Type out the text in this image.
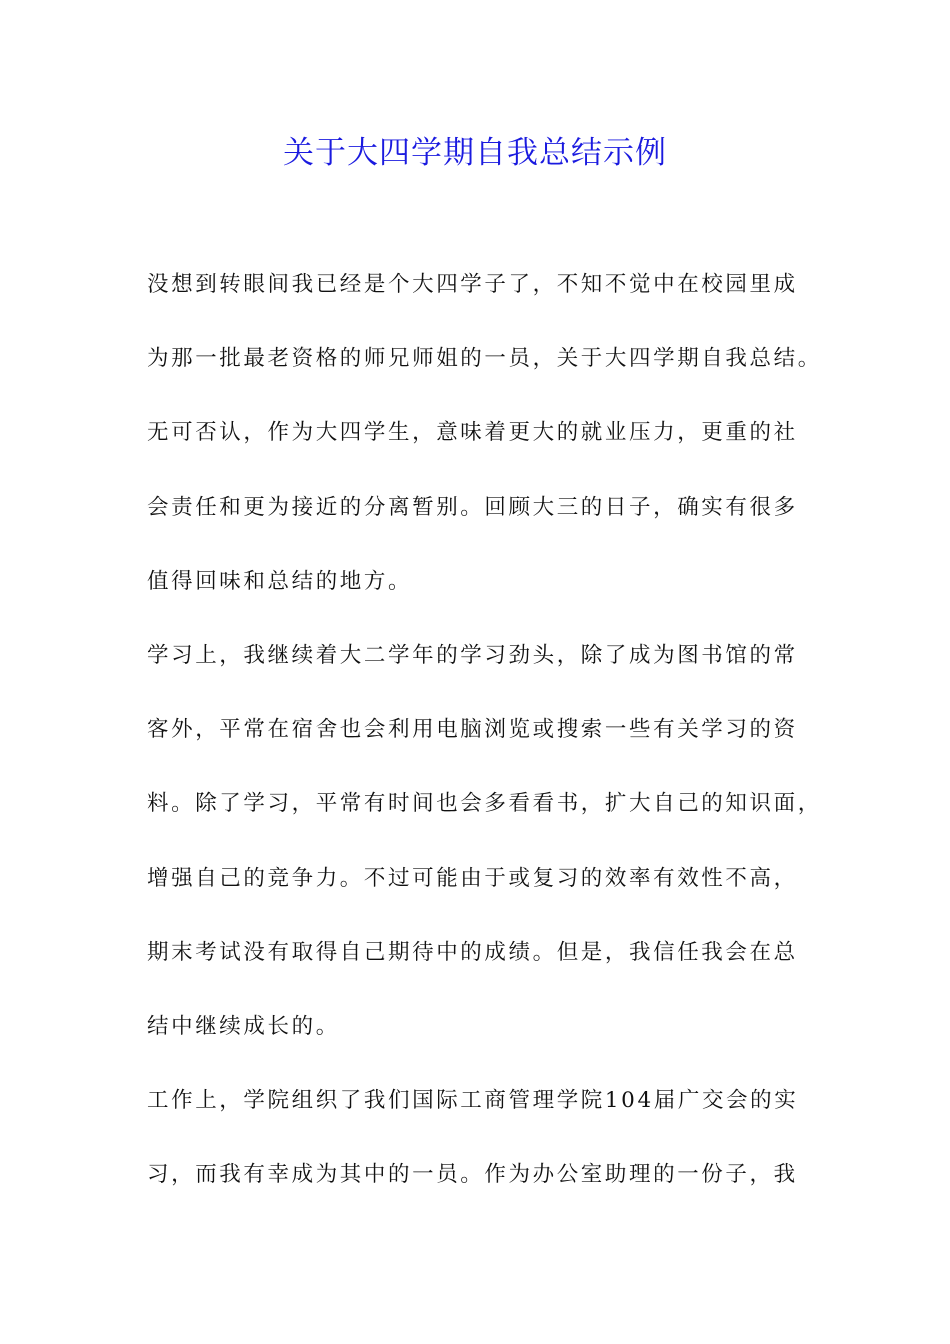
关于大四学期自我总结示例
没想到转眼间我已经是个大四学子了，不知不觉中在校园里成
为那一批最老资格的师兄师姐的一员，关于大四学期自我总结。
无可否认，作为大四学生，意味着更大的就业压力，更重的社
会责任和更为接近的分离暂别。回顾大三的日子，确实有很多
值得回味和总结的地方。
学习上，我继续着大二学年的学习劲头，除了成为图书馆的常
客外，平常在宿舍也会利用电脑浏览或搜索一些有关学习的资
料。除了学习，平常有时间也会多看看书，扩大自己的知识面，
增强自己的竞争力。不过可能由于或复习的效率有效性不高，
期末考试没有取得自己期待中的成绩。但是，我信任我会在总
结中继续成长的。
工作上，学院组织了我们国际工商管理学院104届广交会的实
习，而我有幸成为其中的一员。作为办公室助理的一份子，我
